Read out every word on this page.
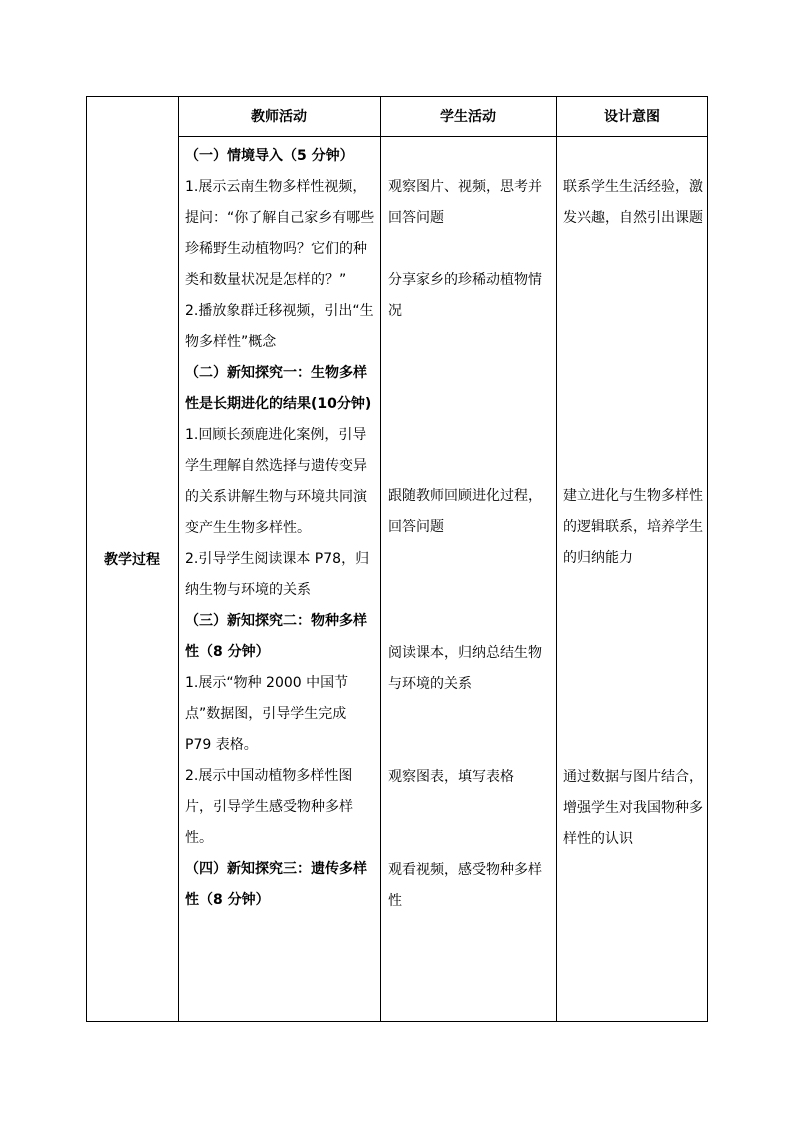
教学过程
教师活动	学生活动	设计意图

（一）情境导入（5 分钟）

1.展示云南生物多样性视频，提问：“你了解自己家乡有哪些珍稀野生动植物吗？它们的种类和数量状况是怎样的？”

2.播放象群迁移视频，引出“生物多样性”概念

（二）新知探究一：生物多样性是长期进化的结果(10分钟)

1.回顾长颈鹿进化案例，引导学生理解自然选择与遗传变异的关系讲解生物与环境共同演变产生生物多样性。

2.引导学生阅读课本 P78，归纳生物与环境的关系

（三）新知探究二：物种多样性（8 分钟）

1.展示“物种 2000 中国节点”数据图，引导学生完成 P79 表格。

2.展示中国动植物多样性图片，引导学生感受物种多样性。

（四）新知探究三：遗传多样性（8 分钟）

观察图片、视频，思考并回答问题

分享家乡的珍稀动植物情况

跟随教师回顾进化过程，回答问题

阅读课本，归纳总结生物与环境的关系

观察图表，填写表格

观看视频，感受物种多样性

联系学生生活经验，激发兴趣，自然引出课题

建立进化与生物多样性的逻辑联系，培养学生的归纳能力

通过数据与图片结合，增强学生对我国物种多样性的认识
